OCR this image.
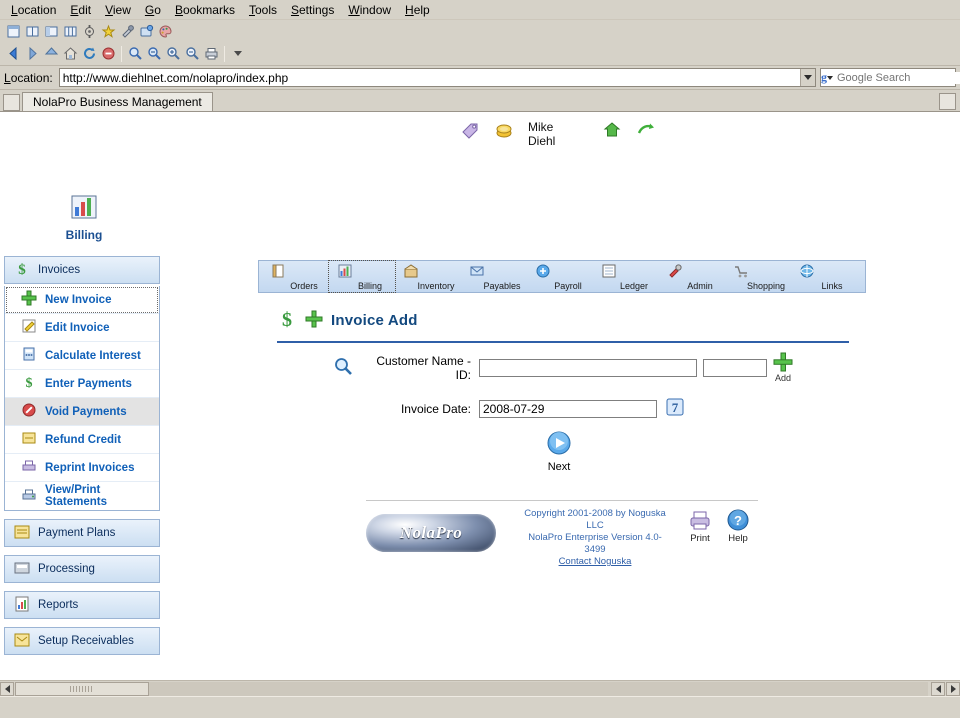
Location	Edit	View	Go	Bookmarks	Tools	Settings	Window	Help
Location:
http://www.diehlnet.com/nolapro/index.php	g
Google Search
NolaPro Business Management
Mike
Diehl
Orders	Billing	Inventory	Payables	Payroll	Ledger	Admin	Shopping	Links
$	Invoice Add
Customer Name - ID:	Add
Invoice Date:
2008-07-29	7
Next
NolaPro
Copyright 2001-2008 by Noguska LLC
NolaPro Enterprise Version 4.0-3499
Contact Noguska
Print
?
Help
Billing
$ Invoices
New Invoice
Edit Invoice
Calculate Interest
$ Enter Payments
Void Payments
Refund Credit
Reprint Invoices
View/Print Statements
Payment Plans
Processing
Reports
Setup Receivables
